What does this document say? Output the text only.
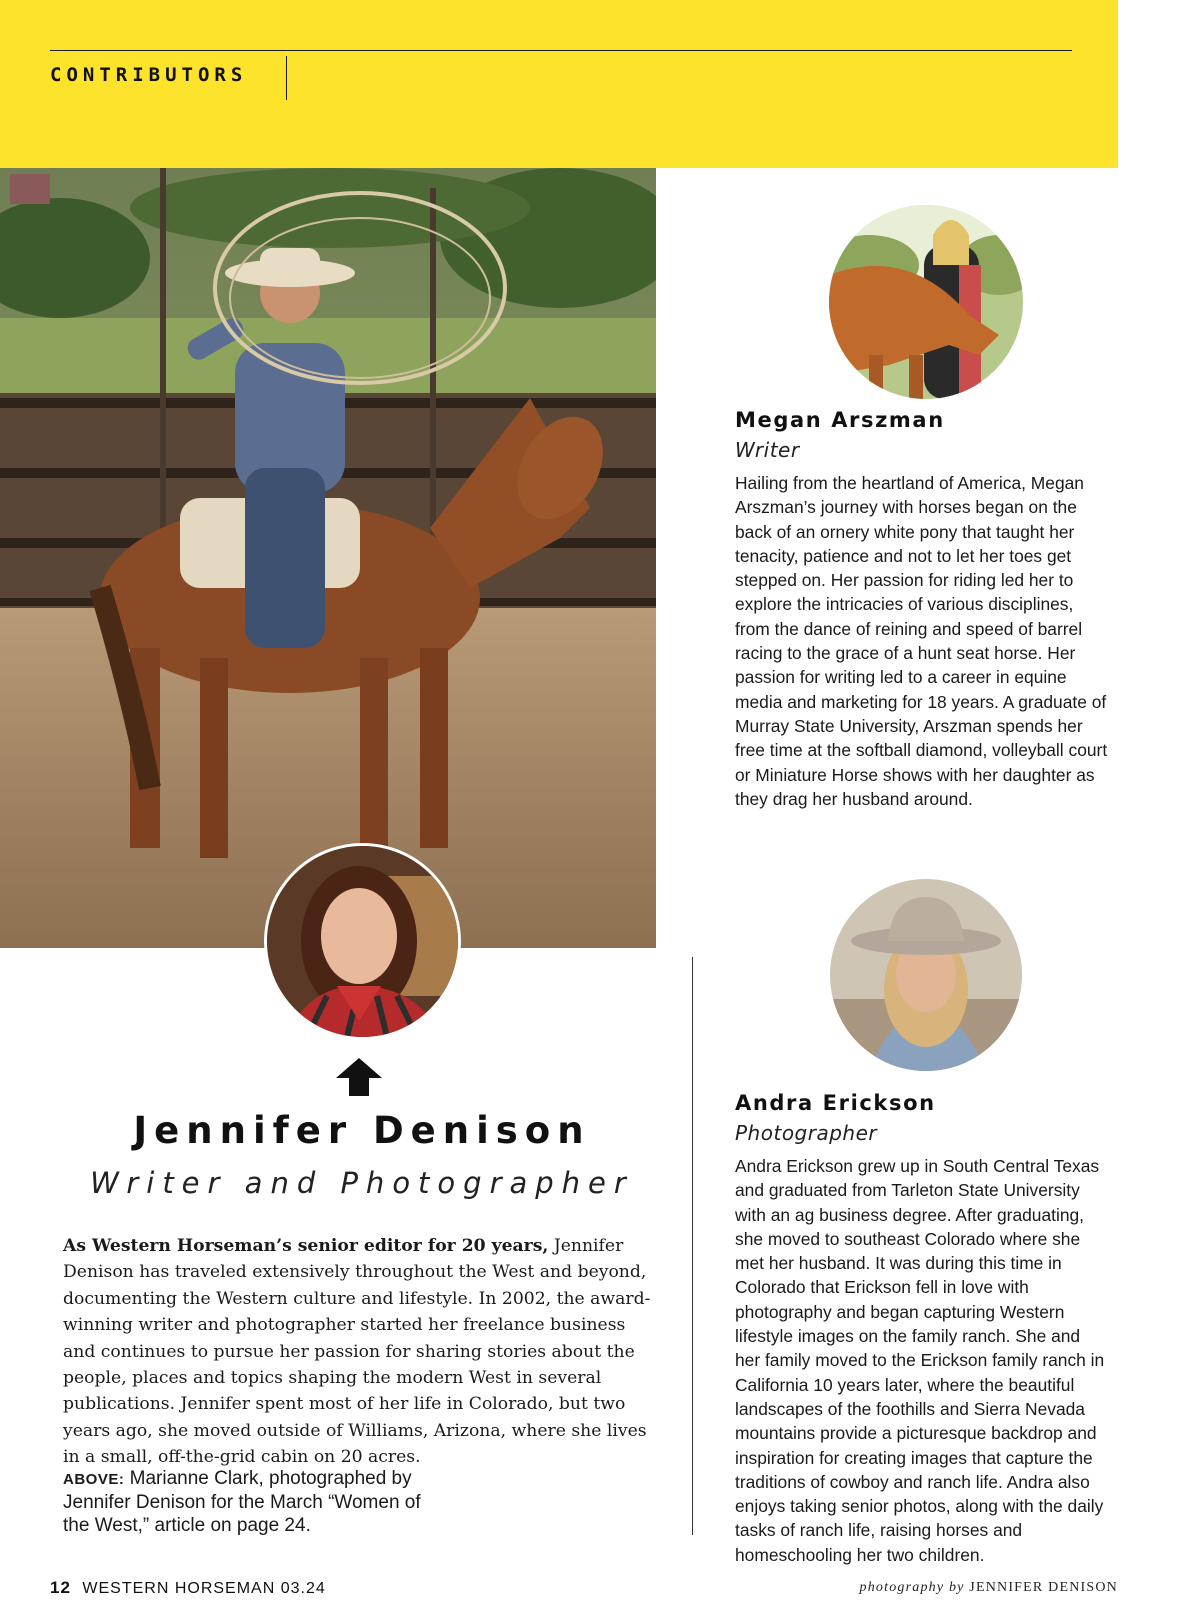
CONTRIBUTORS
Jennifer Denison
Writer and Photographer
As Western Horseman’s senior editor for 20 years, Jennifer Denison has traveled extensively throughout the West and beyond, documenting the Western culture and lifestyle. In 2002, the award-winning writer and photographer started her freelance business and continues to pursue her passion for sharing stories about the people, places and topics shaping the modern West in several publications. Jennifer spent most of her life in Colorado, but two years ago, she moved outside of Williams, Arizona, where she lives in a small, off-the-grid cabin on 20 acres.
ABOVE: Marianne Clark, photographed by Jennifer Denison for the March “Women of the West,” article on page 24.
Megan Arszman
Writer
Hailing from the heartland of America, Megan Arszman’s journey with horses began on the back of an ornery white pony that taught her tenacity, patience and not to let her toes get stepped on. Her passion for riding led her to explore the intricacies of various disciplines, from the dance of reining and speed of barrel racing to the grace of a hunt seat horse. Her passion for writing led to a career in equine media and marketing for 18 years. A graduate of Murray State University, Arszman spends her free time at the softball diamond, volleyball court or Miniature Horse shows with her daughter as they drag her husband around.
Andra Erickson
Photographer
Andra Erickson grew up in South Central Texas and graduated from Tarleton State University with an ag business degree. After graduating, she moved to southeast Colorado where she met her husband. It was during this time in Colorado that Erickson fell in love with photography and began capturing Western lifestyle images on the family ranch. She and her family moved to the Erickson family ranch in California 10 years later, where the beautiful landscapes of the foothills and Sierra Nevada mountains provide a picturesque backdrop and inspiration for creating images that capture the traditions of cowboy and ranch life. Andra also enjoys taking senior photos, along with the daily tasks of ranch life, raising horses and homeschooling her two children.
12 WESTERN HORSEMAN 03.24	photography by JENNIFER DENISON
